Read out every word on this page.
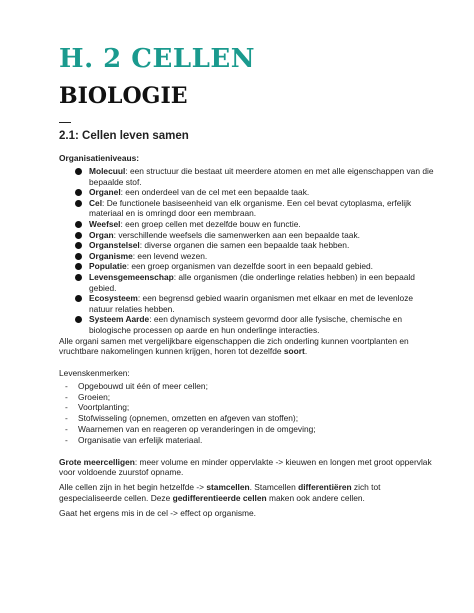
H. 2 CELLEN
BIOLOGIE
2.1: Cellen leven samen
Organisatieniveaus:
Molecuul: een structuur die bestaat uit meerdere atomen en met alle eigenschappen van die bepaalde stof.
Organel: een onderdeel van de cel met een bepaalde taak.
Cel: De functionele basiseenheid van elk organisme. Een cel bevat cytoplasma, erfelijk materiaal en is omringd door een membraan.
Weefsel: een groep cellen met dezelfde bouw en functie.
Organ: verschillende weefsels die samenwerken aan een bepaalde taak.
Organstelsel: diverse organen die samen een bepaalde taak hebben.
Organisme: een levend wezen.
Populatie: een groep organismen van dezelfde soort in een bepaald gebied.
Levensgemeenschap: alle organismen (die onderlinge relaties hebben) in een bepaald gebied.
Ecosysteem: een begrensd gebied waarin organismen met elkaar en met de levenloze natuur relaties hebben.
Systeem Aarde: een dynamisch systeem gevormd door alle fysische, chemische en biologische processen op aarde en hun onderlinge interacties.

Alle organi samen met vergelijkbare eigenschappen die zich onderling kunnen voortplanten en vruchtbare nakomelingen kunnen krijgen, horen tot dezelfde soort.

Levenskenmerken:

- Opgebouwd uit één of meer cellen;
- Groeien;
- Voortplanting;
- Stofwisseling (opnemen, omzetten en afgeven van stoffen);
- Waarnemen van en reageren op veranderingen in de omgeving;
- Organisatie van erfelijk materiaal.

Grote meercelligen: meer volume en minder oppervlakte -> kieuwen en longen met groot oppervlak voor voldoende zuurstof opname.

Alle cellen zijn in het begin hetzelfde -> stamcellen. Stamcellen differentiëren zich tot gespecialiseerde cellen. Deze gedifferentieerde cellen maken ook andere cellen.

Gaat het ergens mis in de cel -> effect op organisme.
